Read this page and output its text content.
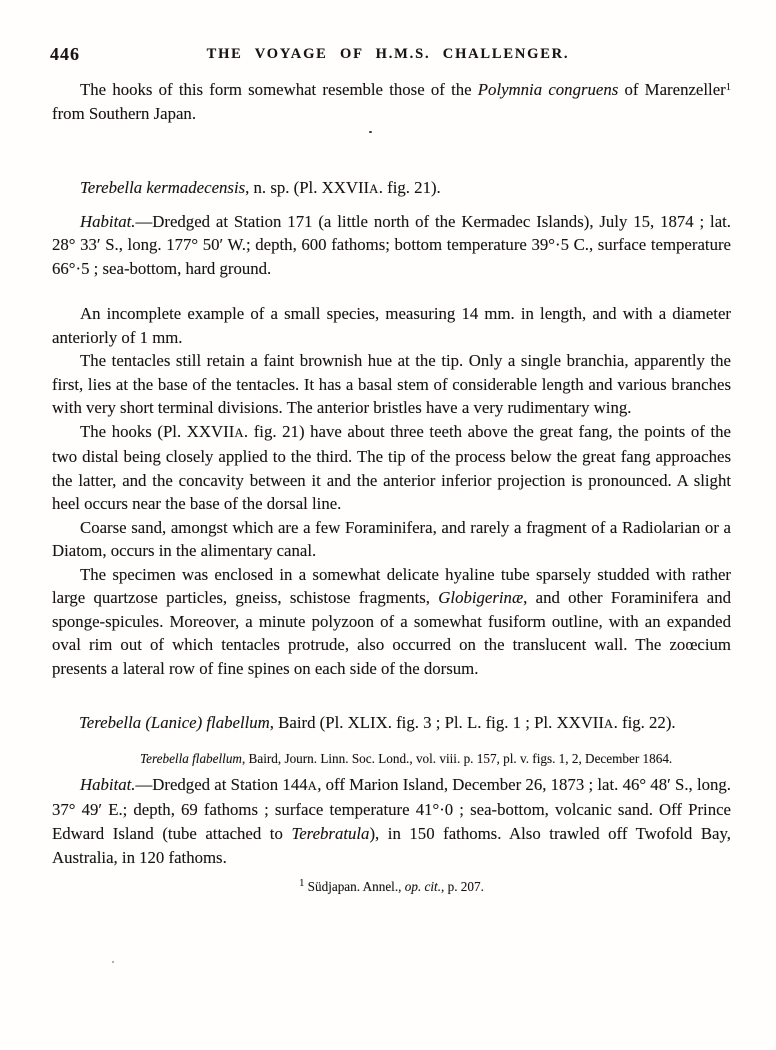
446	THE VOYAGE OF H.M.S. CHALLENGER.

The hooks of this form somewhat resemble those of the Polymnia congruens of Marenzeller$^1$ from Southern Japan.

Terebella kermadecensis, n. sp. (Pl. XXVIIA. fig. 21).

Habitat.—Dredged at Station 171 (a little north of the Kermadec Islands), July 15, 1874 ; lat. 28° 33′ S., long. 177° 50′ W.; depth, 600 fathoms; bottom temperature 39°·5 C., surface temperature 66°·5 ; sea-bottom, hard ground.

An incomplete example of a small species, measuring 14 mm. in length, and with a diameter anteriorly of 1 mm.

The tentacles still retain a faint brownish hue at the tip. Only a single branchia, apparently the first, lies at the base of the tentacles. It has a basal stem of considerable length and various branches with very short terminal divisions. The anterior bristles have a very rudimentary wing.

The hooks (Pl. XXVIIA. fig. 21) have about three teeth above the great fang, the points of the two distal being closely applied to the third. The tip of the process below the great fang approaches the latter, and the concavity between it and the anterior inferior projection is pronounced. A slight heel occurs near the base of the dorsal line.

Coarse sand, amongst which are a few Foraminifera, and rarely a fragment of a Radiolarian or a Diatom, occurs in the alimentary canal.

The specimen was enclosed in a somewhat delicate hyaline tube sparsely studded with rather large quartzose particles, gneiss, schistose fragments, Globigerinæ, and other Foraminifera and sponge-spicules. Moreover, a minute polyzoon of a somewhat fusiform outline, with an expanded oval rim out of which tentacles protrude, also occurred on the translucent wall. The zoœcium presents a lateral row of fine spines on each side of the dorsum.

Terebella (Lanice) flabellum, Baird (Pl. XLIX. fig. 3 ; Pl. L. fig. 1 ; Pl. XXVIIA. fig. 22).

Terebella flabellum, Baird, Journ. Linn. Soc. Lond., vol. viii. p. 157, pl. v. figs. 1, 2, December 1864.

Habitat.—Dredged at Station 144A, off Marion Island, December 26, 1873 ; lat. 46° 48′ S., long. 37° 49′ E.; depth, 69 fathoms ; surface temperature 41°·0 ; sea-bottom, volcanic sand. Off Prince Edward Island (tube attached to Terebratula), in 150 fathoms. Also trawled off Twofold Bay, Australia, in 120 fathoms.

$^1$ Südjapan. Annel., op. cit., p. 207.
